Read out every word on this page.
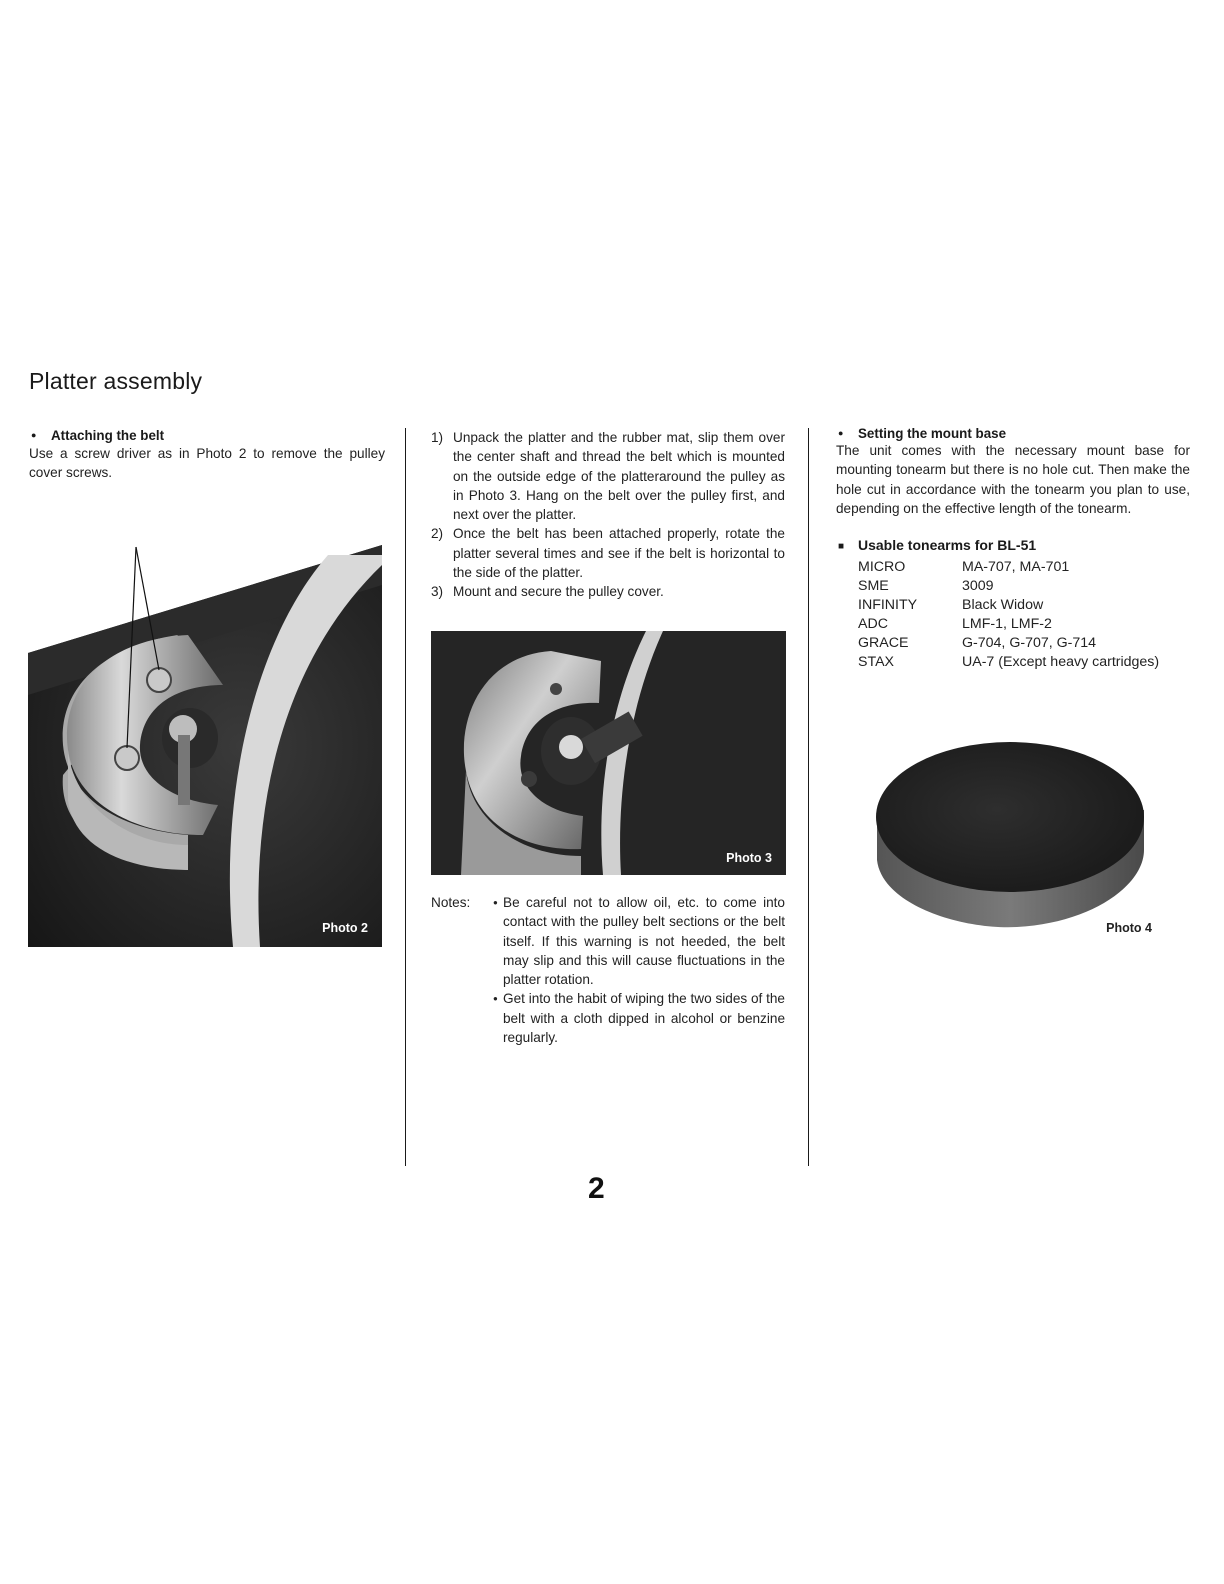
Platter assembly
● Attaching the belt

Use a screw driver as in Photo 2 to remove the pulley cover screws.

Photo 2
1) Unpack the platter and the rubber mat, slip them over the center shaft and thread the belt which is mounted on the outside edge of the platteraround the pulley as in Photo 3. Hang on the belt over the pulley first, and next over the platter.
2) Once the belt has been attached properly, rotate the platter several times and see if the belt is horizontal to the side of the platter.
3) Mount and secure the pulley cover.
Photo 3
Notes:	● Be careful not to allow oil, etc. to come into contact with the pulley belt sections or the belt itself. If this warning is not heeded, the belt may slip and this will cause fluctuations in the platter rotation.
● Get into the habit of wiping the two sides of the belt with a cloth dipped in alcohol or benzine regularly.
● Setting the mount base

The unit comes with the necessary mount base for mounting tonearm but there is no hole cut. Then make the hole cut in accordance with the tonearm you plan to use, depending on the effective length of the tonearm.

■ Usable tonearms for BL-51
MICRO	MA-707, MA-701
SME	3009
INFINITY	Black Widow
ADC	LMF-1, LMF-2
GRACE	G-704, G-707, G-714
STAX	UA-7 (Except heavy cartridges)
Photo 4
2
